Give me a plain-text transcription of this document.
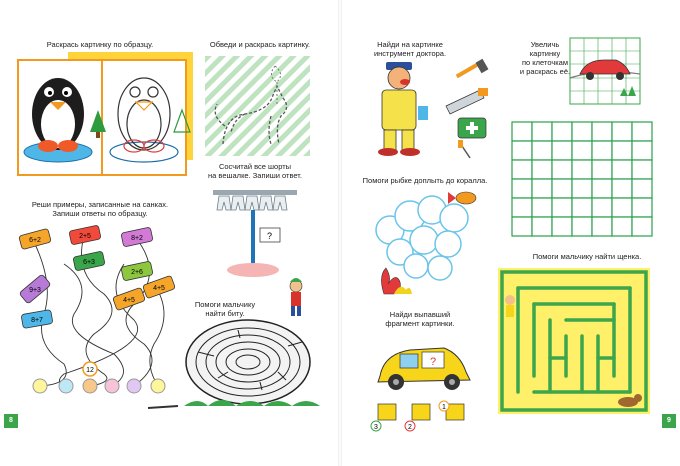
Раскрась картинку по образцу.	Обведи и раскрась картинку.
Сосчитай все шорты
на вешалке. Запиши ответ.
?
Реши примеры, записанные на санках.
Запиши ответы по образцу.
6+2
2+5	8+2
6+3
2+6
9+3
4+5
4+5
8+7
12
Помоги мальчику
найти биту.
8
Найди на картинке
инструмент доктора.
Увеличь
картинку
по клеточкам
и раскрась её.
Помоги рыбке доплыть до коралла.
Найди выпавший
фрагмент картинки.
?
3	2
1
Помоги мальчику найти щенка.
9
